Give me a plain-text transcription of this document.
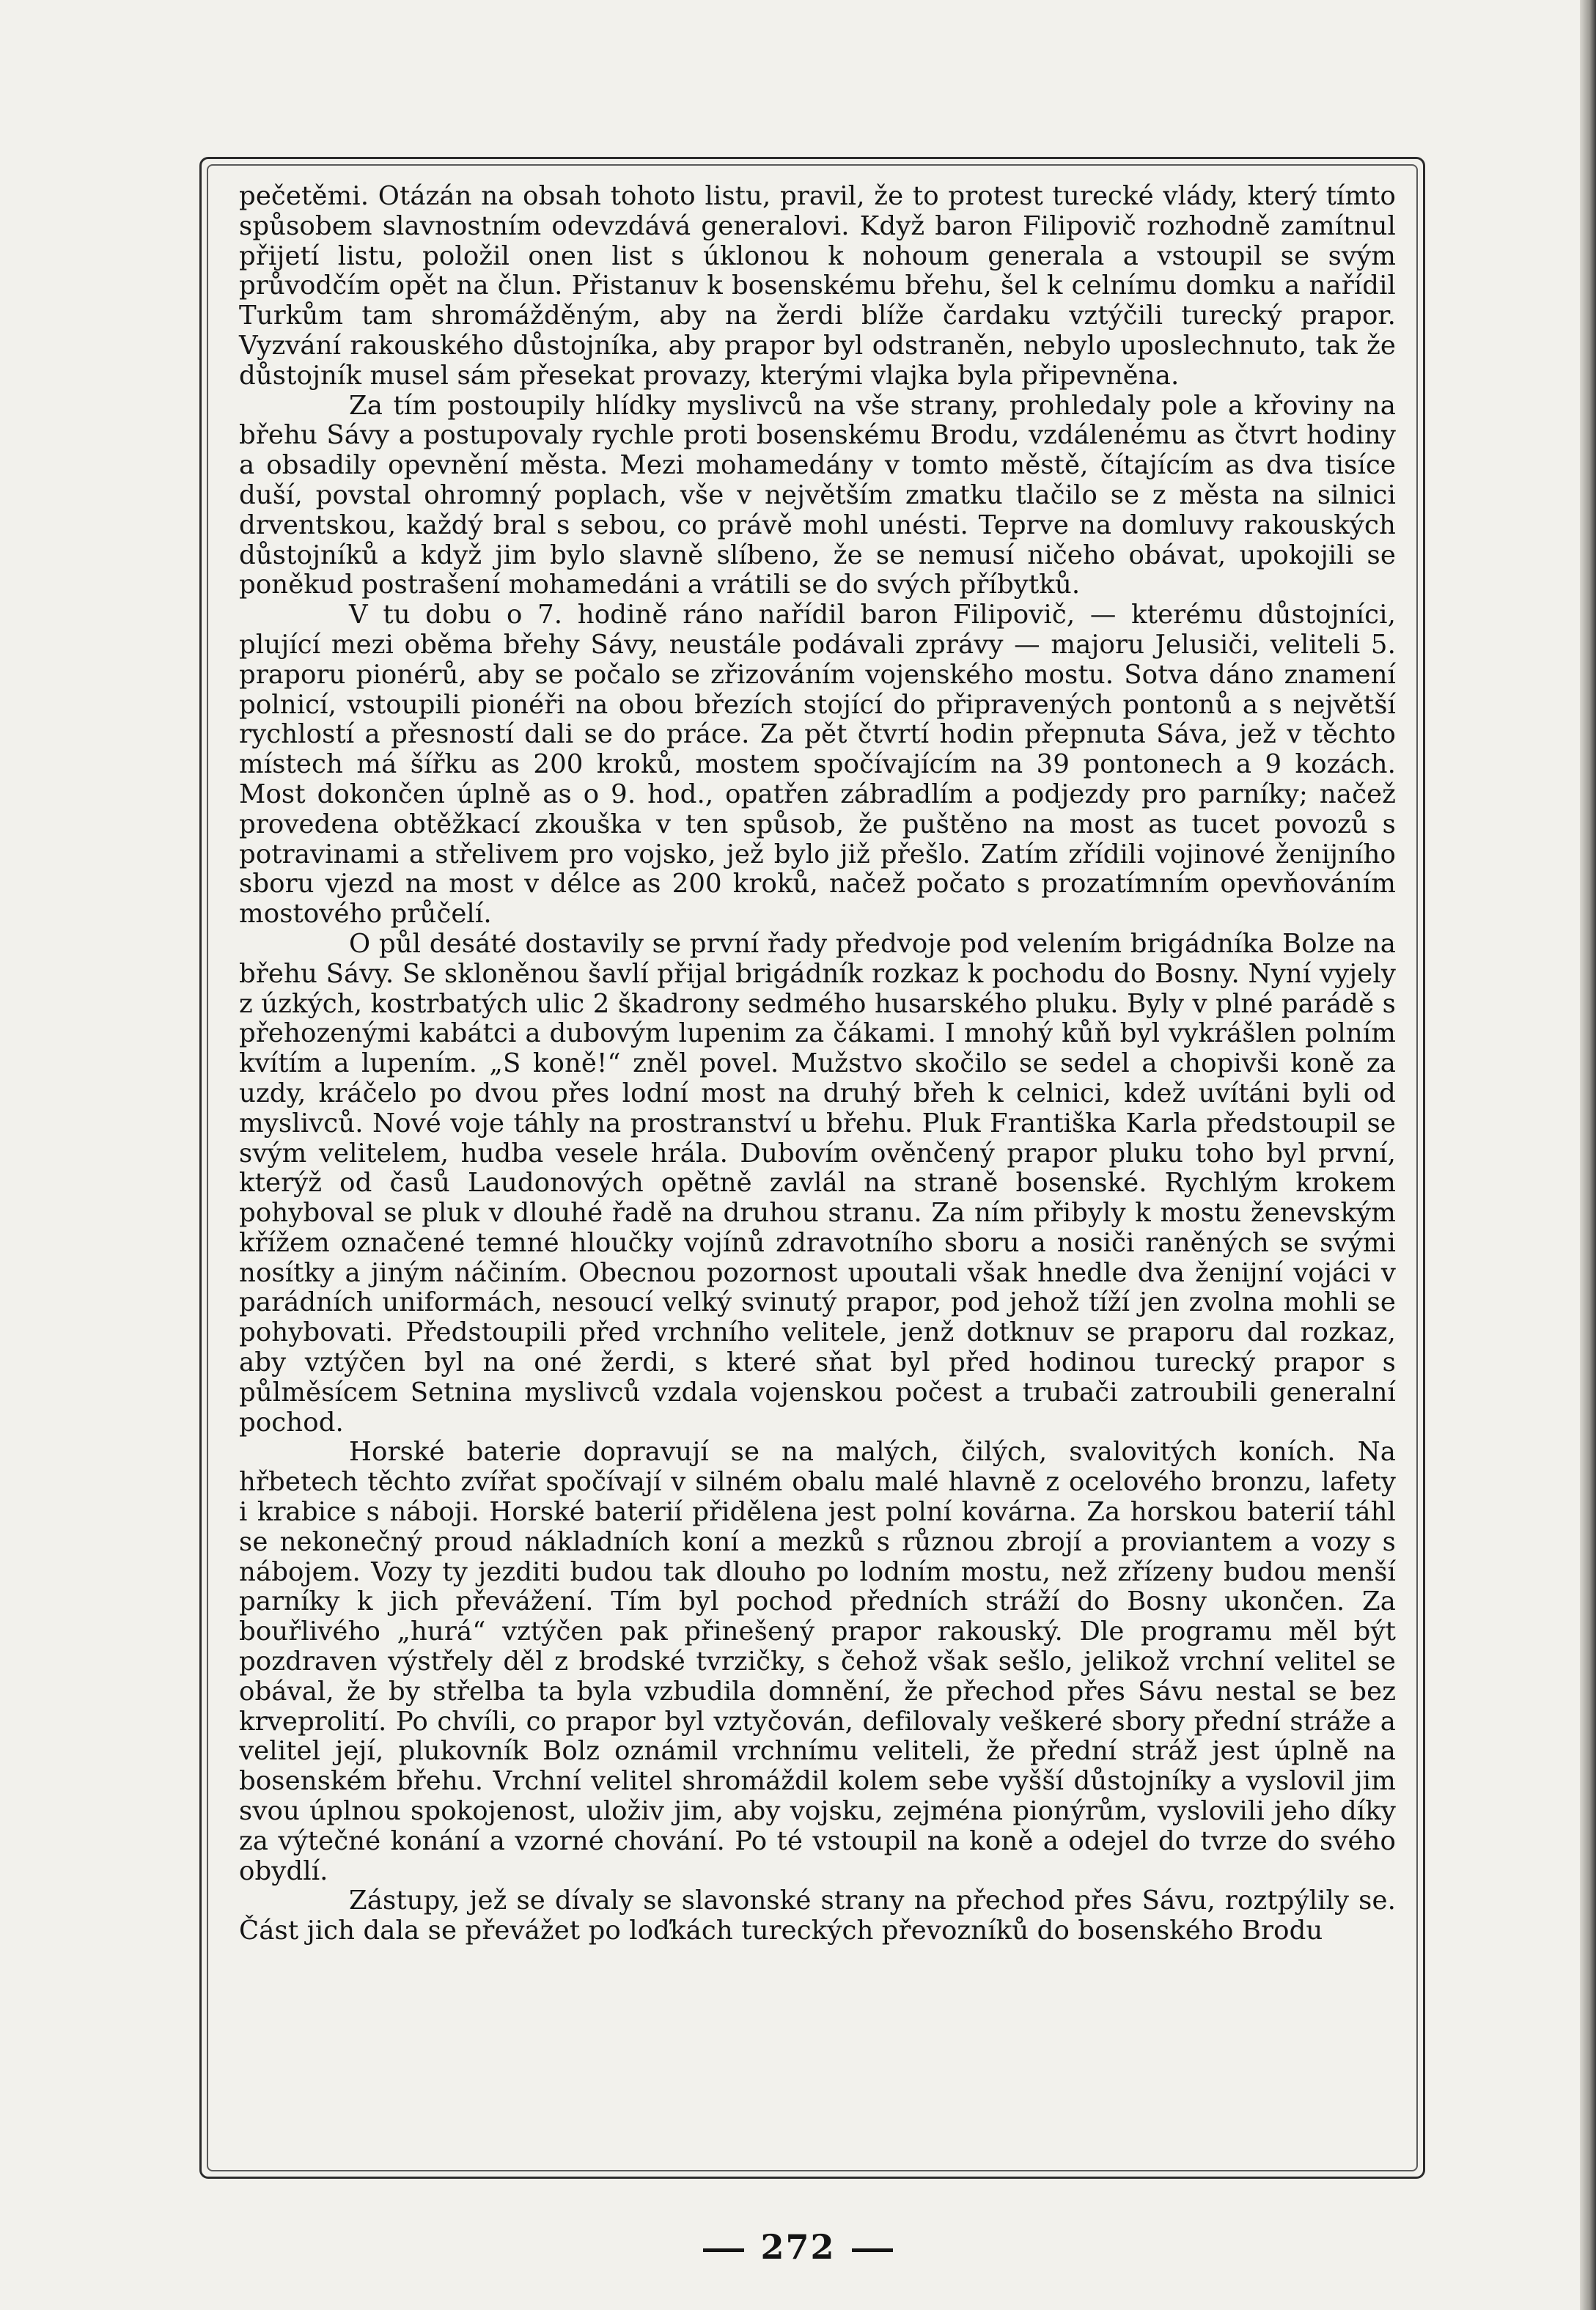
pečetěmi. Otázán na obsah tohoto listu, pravil, že to protest turecké vlády, který tímto spůsobem slavnostním odevzdává generalovi. Když baron Filipovič rozhodně zamítnul přijetí listu, položil onen list s úklonou k nohoum generala a vstoupil se svým průvodčím opět na člun. Přistanuv k bosenskému břehu, šel k celnímu domku a nařídil Turkům tam shromážděným, aby na žerdi blíže čardaku vztýčili turecký prapor. Vyzvání rakouského důstojníka, aby prapor byl odstraněn, nebylo uposlechnuto, tak že důstojník musel sám přesekat provazy, kterými vlajka byla připevněna.

Za tím postoupily hlídky myslivců na vše strany, prohledaly pole a křoviny na břehu Sávy a postupovaly rychle proti bosenskému Brodu, vzdálenému as čtvrt hodiny a obsadily opevnění města. Mezi mohamedány v tomto městě, čítajícím as dva tisíce duší, povstal ohromný poplach, vše v největším zmatku tlačilo se z města na silnici drventskou, každý bral s sebou, co právě mohl unésti. Teprve na domluvy rakouských důstojníků a když jim bylo slavně slíbeno, že se nemusí ničeho obávat, upokojili se poněkud postrašení mohamedáni a vrátili se do svých příbytků.

V tu dobu o 7. hodině ráno nařídil baron Filipovič, — kterému důstojníci, plující mezi oběma břehy Sávy, neustále podávali zprávy — majoru Jelusiči, veliteli 5. praporu pionérů, aby se počalo se zřizováním vojenského mostu. Sotva dáno znamení polnicí, vstoupili pionéři na obou březích stojící do připravených pontonů a s největší rychlostí a přesností dali se do práce. Za pět čtvrtí hodin přepnuta Sáva, jež v těchto místech má šířku as 200 kroků, mostem spočívajícím na 39 pontonech a 9 kozách. Most dokončen úplně as o 9. hod., opatřen zábradlím a podjezdy pro parníky; načež provedena obtěžkací zkouška v ten spůsob, že puštěno na most as tucet povozů s potravinami a střelivem pro vojsko, jež bylo již přešlo. Zatím zřídili vojinové ženijního sboru vjezd na most v délce as 200 kroků, načež počato s prozatímním opevňováním mostového průčelí.

O půl desáté dostavily se první řady předvoje pod velením brigádníka Bolze na břehu Sávy. Se skloněnou šavlí přijal brigádník rozkaz k pochodu do Bosny. Nyní vyjely z úzkých, kostrbatých ulic 2 škadrony sedmého husarského pluku. Byly v plné parádě s přehozenými kabátci a dubovým lupenim za čákami. I mnohý kůň byl vykrášlen polním kvítím a lupením. „S koně!“ zněl povel. Mužstvo skočilo se sedel a chopivši koně za uzdy, kráčelo po dvou přes lodní most na druhý břeh k celnici, kdež uvítáni byli od myslivců. Nové voje táhly na prostranství u břehu. Pluk Františka Karla předstoupil se svým velitelem, hudba vesele hrála. Dubovím ověnčený prapor pluku toho byl první, kterýž od časů Laudonových opětně zavlál na straně bosenské. Rychlým krokem pohyboval se pluk v dlouhé řadě na druhou stranu. Za ním přibyly k mostu ženevským křížem označené temné hloučky vojínů zdravotního sboru a nosiči raněných se svými nosítky a jiným náčiním. Obecnou pozornost upoutali však hnedle dva ženijní vojáci v parádních uniformách, nesoucí velký svinutý prapor, pod jehož tíží jen zvolna mohli se pohybovati. Předstoupili před vrchního velitele, jenž dotknuv se praporu dal rozkaz, aby vztýčen byl na oné žerdi, s které sňat byl před hodinou turecký prapor s půlměsícem Setnina myslivců vzdala vojenskou počest a trubači zatroubili generalní pochod.

Horské baterie dopravují se na malých, čilých, svalovitých koních. Na hřbetech těchto zvířat spočívají v silném obalu malé hlavně z ocelového bronzu, lafety i krabice s náboji. Horské baterií přidělena jest polní kovárna. Za horskou baterií táhl se nekonečný proud nákladních koní a mezků s různou zbrojí a proviantem a vozy s nábojem. Vozy ty jezditi budou tak dlouho po lodním mostu, než zřízeny budou menší parníky k jich převážení. Tím byl pochod předních stráží do Bosny ukončen. Za bouřlivého „hurá“ vztýčen pak přinešený prapor rakouský. Dle programu měl být pozdraven výstřely děl z brodské tvrzičky, s čehož však sešlo, jelikož vrchní velitel se obával, že by střelba ta byla vzbudila domnění, že přechod přes Sávu nestal se bez krveprolití. Po chvíli, co prapor byl vztyčován, defilovaly veškeré sbory přední stráže a velitel její, plukovník Bolz oznámil vrchnímu veliteli, že přední stráž jest úplně na bosenském břehu. Vrchní velitel shromáždil kolem sebe vyšší důstojníky a vyslovil jim svou úplnou spokojenost, uloživ jim, aby vojsku, zejména pionýrům, vyslovili jeho díky za výtečné konání a vzorné chování. Po té vstoupil na koně a odejel do tvrze do svého obydlí.

Zástupy, jež se dívaly se slavonské strany na přechod přes Sávu, roztpýlily se. Část jich dala se převážet po loďkách tureckých převozníků do bosenského Brodu

272
